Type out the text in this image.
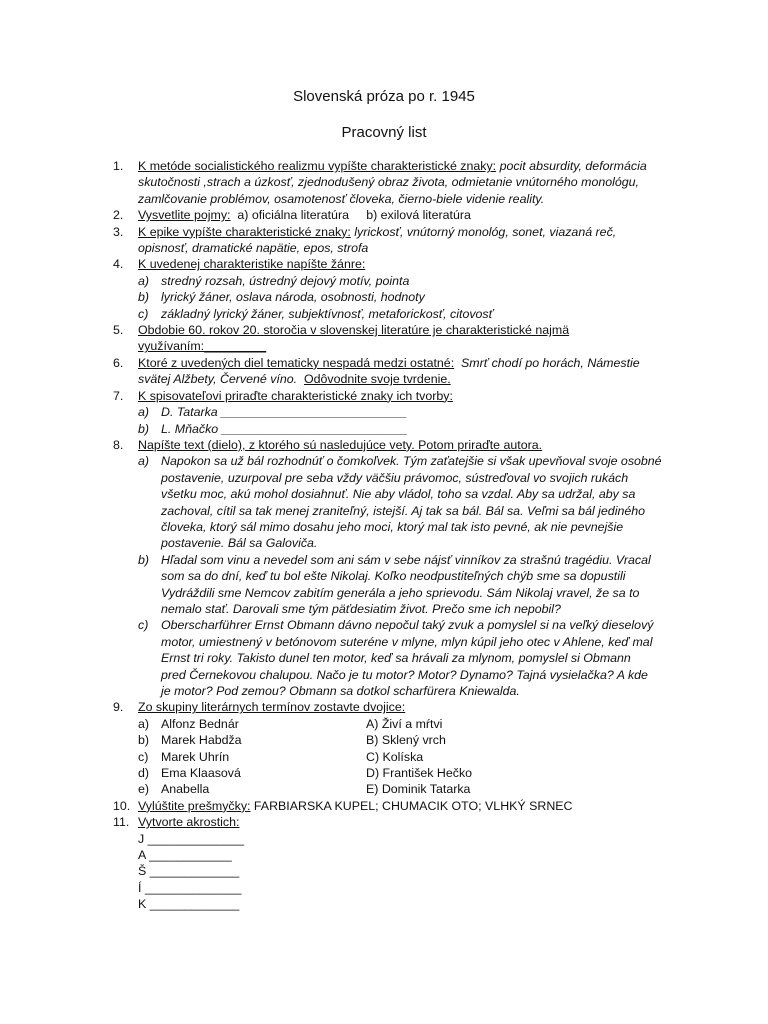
Slovenská próza po r. 1945
Pracovný list
1.	K metóde socialistického realizmu vypíšte charakteristické znaky: pocit absurdity, deformácia
skutočnosti ,strach a úzkosť, zjednodušený obraz života, odmietanie vnútorného monológu,
zamlčovanie problémov, osamotenosť človeka, čierno-biele videnie reality.
2.	Vysvetlite pojmy: a) oficiálna literatúra b) exilová literatúra
3.	K epike vypíšte charakteristické znaky: lyrickosť, vnútorný monológ, sonet, viazaná reč,
opisnosť, dramatické napätie, epos, strofa
4.	K uvedenej charakteristike napíšte žánre:
a) stredný rozsah, ústredný dejový motív, pointa
b) lyrický žáner, oslava národa, osobnosti, hodnoty
c) základný lyrický žáner, subjektívnosť, metaforickosť, citovosť
5.	Obdobie 60. rokov 20. storočia v slovenskej literatúre je charakteristické najmä
využívaním:_________
6.	Ktoré z uvedených diel tematicky nespadá medzi ostatné: Smrť chodí po horách, Námestie
svätej Alžbety, Červené víno. Odôvodnite svoje tvrdenie.
7.	K spisovateľovi priraďte charakteristické znaky ich tvorby:
a) D. Tatarka ___________________________
b) L. Mňačko ___________________________
8.	Napíšte text (dielo), z ktorého sú nasledujúce vety. Potom priraďte autora.
a) Napokon sa už bál rozhodnúť o čomkoľvek. Tým zaťatejšie si však upevňoval svoje osobné
postavenie, uzurpoval pre seba vždy väčšiu právomoc, sústreďoval vo svojich rukách
všetku moc, akú mohol dosiahnuť. Nie aby vládol, toho sa vzdal. Aby sa udržal, aby sa
zachoval, cítil sa tak menej zraniteľný, istejší. Aj tak sa bál. Bál sa. Veľmi sa bál jediného
človeka, ktorý sál mimo dosahu jeho moci, ktorý mal tak isto pevné, ak nie pevnejšie
postavenie. Bál sa Galoviča.
b) Hľadal som vinu a nevedel som ani sám v sebe nájsť vinníkov za strašnú tragédiu. Vracal
som sa do dní, keď tu bol ešte Nikolaj. Koľko neodpustiteľných chýb sme sa dopustili
Vydráždili sme Nemcov zabitím generála a jeho sprievodu. Sám Nikolaj vravel, že sa to
nemalo stať. Darovali sme tým päťdesiatim život. Prečo sme ich nepobil?
c) Oberscharführer Ernst Obmann dávno nepočul taký zvuk a pomyslel si na veľký dieselový
motor, umiestnený v betónovom suteréne v mlyne, mlyn kúpil jeho otec v Ahlene, keď mal
Ernst tri roky. Takisto dunel ten motor, keď sa hrávali za mlynom, pomyslel si Obmann
pred Černekovou chalupou. Načo je tu motor? Motor? Dynamo? Tajná vysielačka? A kde
je motor? Pod zemou? Obmann sa dotkol scharfürera Kniewalda.
9.	Zo skupiny literárnych termínov zostavte dvojice:
a) Alfonz Bednár	A) Živí a mŕtvi
b) Marek Habdža	B) Sklený vrch
c) Marek Uhrín	C) Kolíska
d) Ema Klaasová	D) František Hečko
e) Anabella	E) Dominik Tatarka
10. Vylúštite prešmyčky: FARBIARSKA KUPEL; CHUMACIK OTO; VLHKÝ SRNEC
11. Vytvorte akrostich:
J ______________
A ____________
Š _____________
Í ______________
K _____________
